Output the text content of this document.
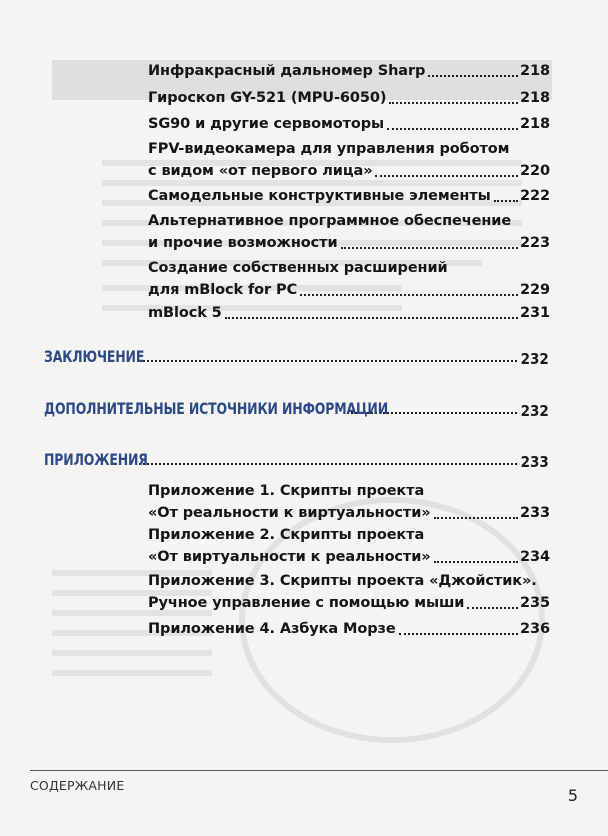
Инфракрасный дальномер Sharp	218
Гироскоп GY-521 (MPU-6050)	218
SG90 и другие сервомоторы	218
FPV-видеокамера для управления роботом
с видом «от первого лица»	220
Самодельные конструктивные элементы 222
Альтернативное программное обеспечение
и прочие возможности	223
Создание собственных расширений
для mBlock for PC	229
mBlock 5	231
ЗАКЛЮЧЕНИЕ	232
ДОПОЛНИТЕЛЬНЫЕ ИСТОЧНИКИ ИНФОРМАЦИИ	232
ПРИЛОЖЕНИЯ	233
Приложение 1. Скрипты проекта
«От реальности к виртуальности»	233
Приложение 2. Скрипты проекта
«От виртуальности к реальности»	234
Приложение 3. Скрипты проекта «Джойстик».
Ручное управление с помощью мыши	235
Приложение 4. Азбука Морзе	236
СОДЕРЖАНИЕ
5
